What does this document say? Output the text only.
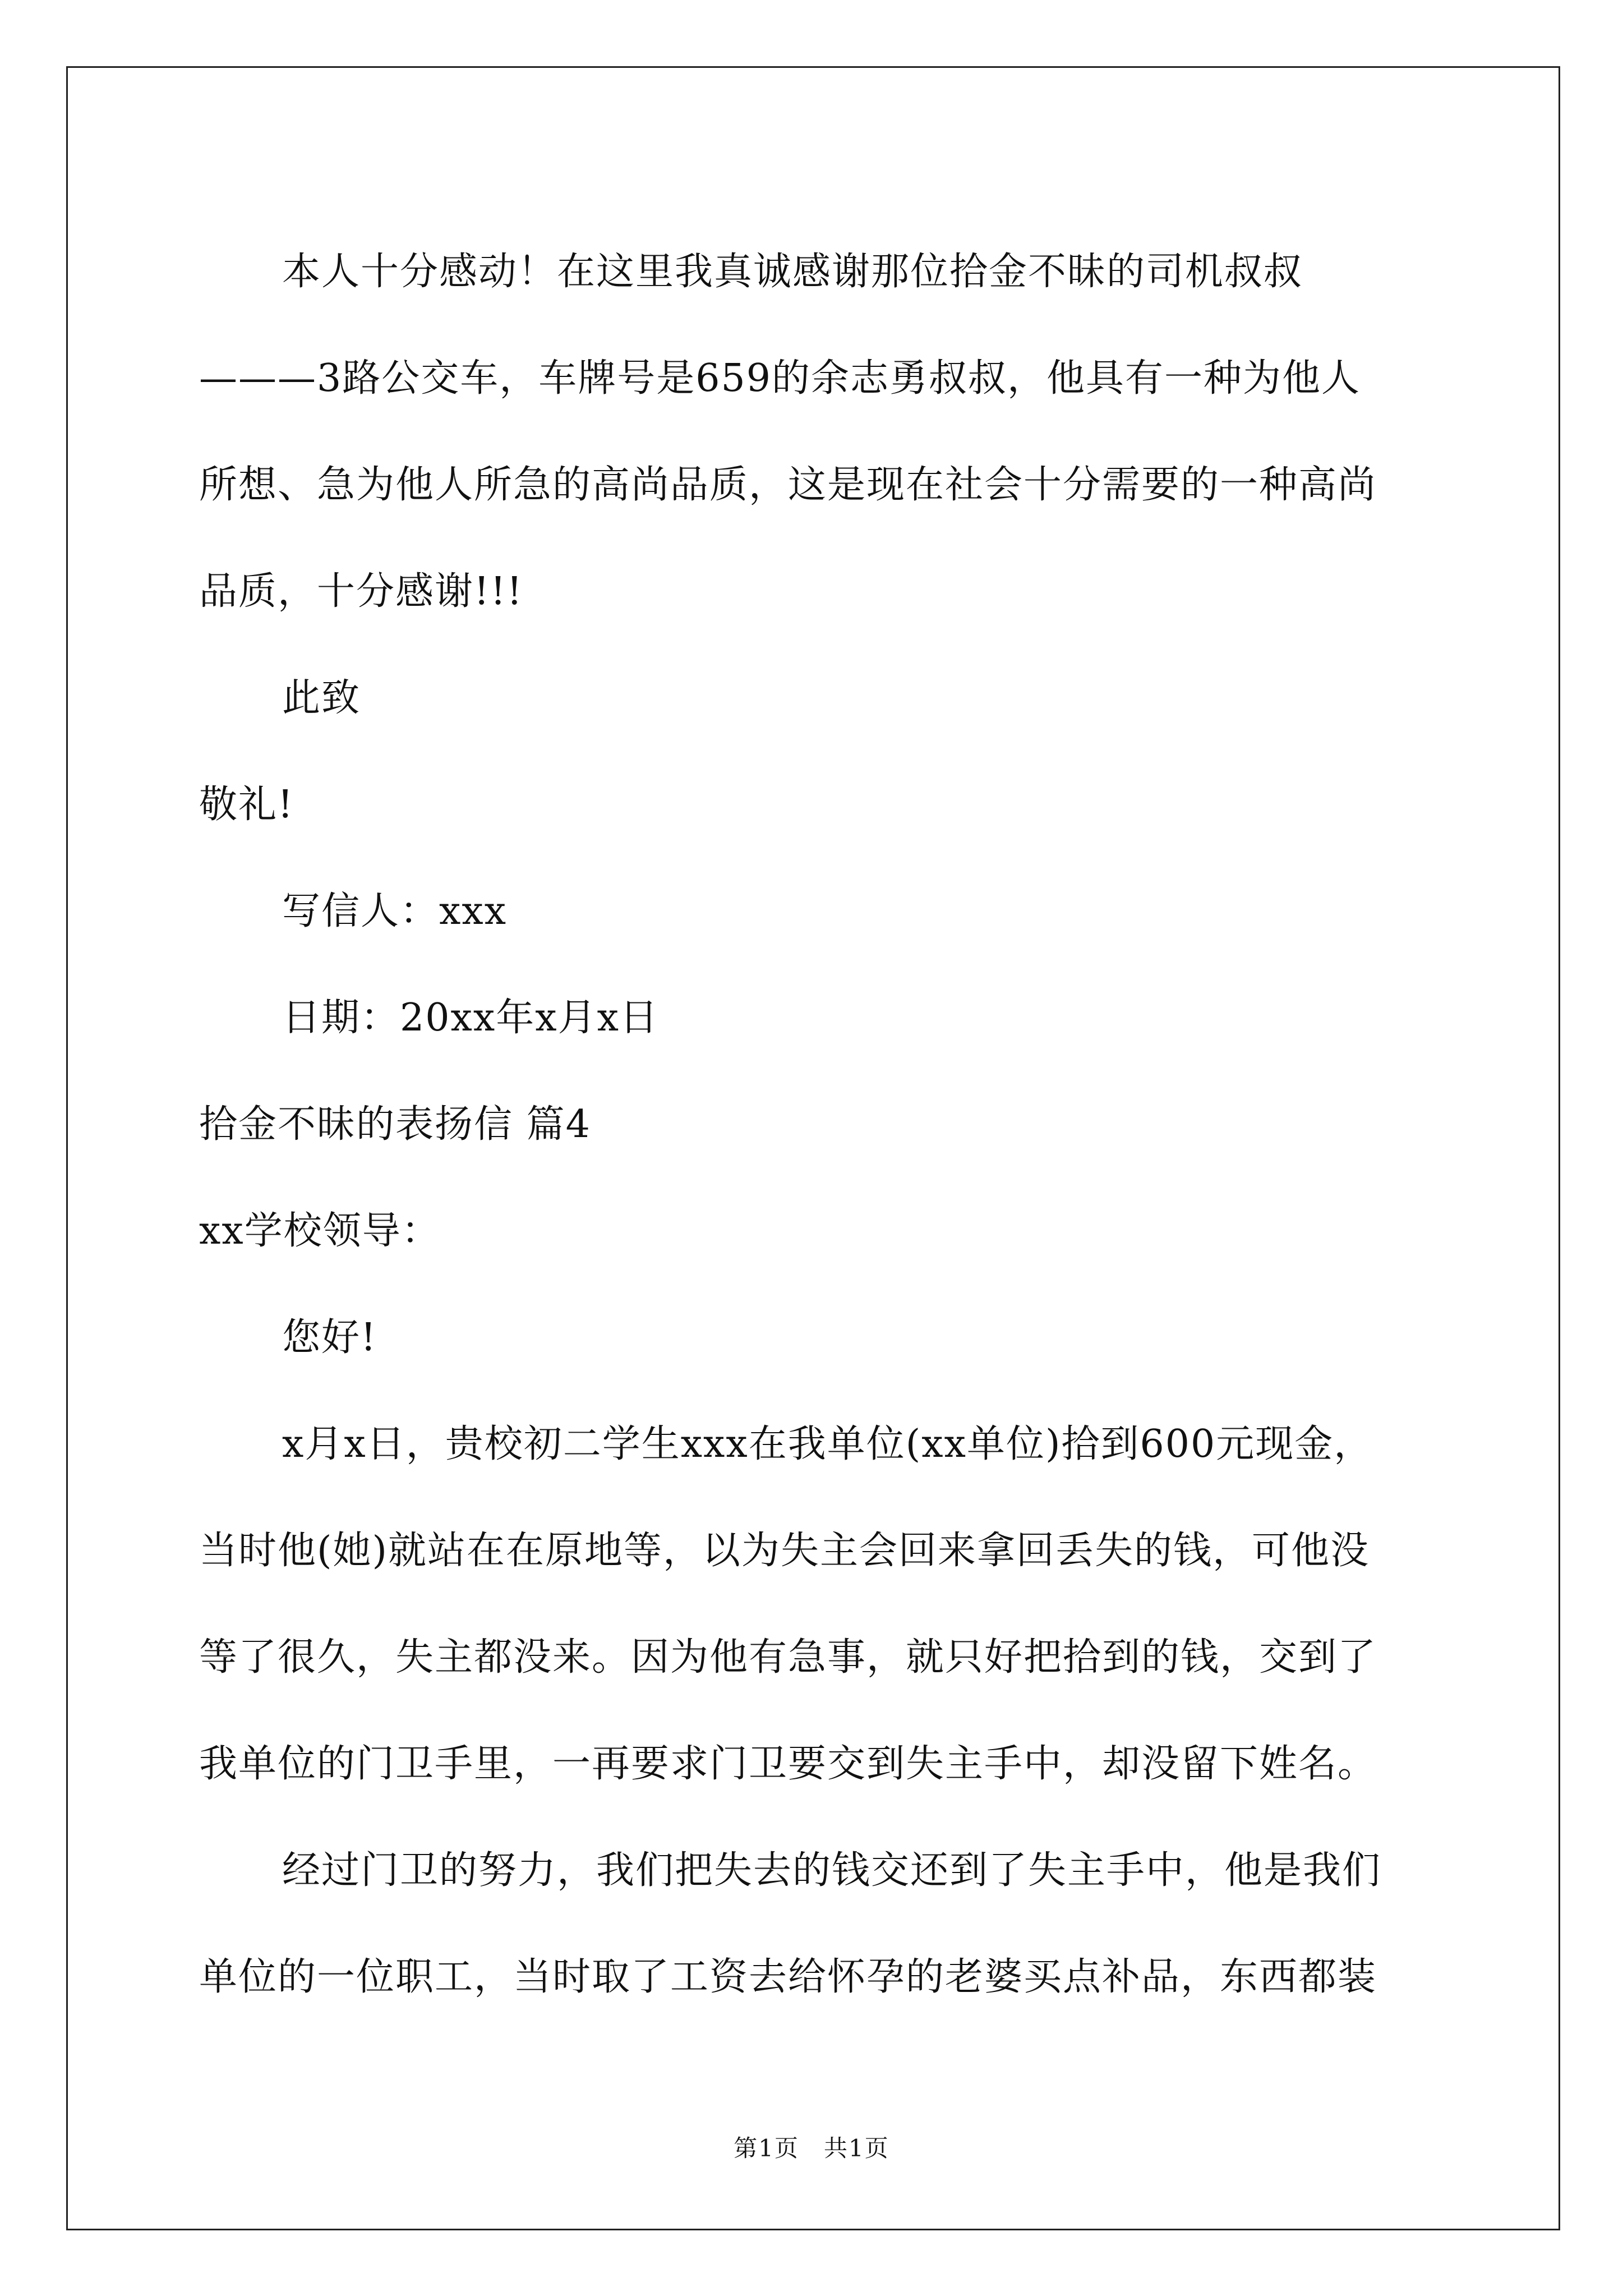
本人十分感动！在这里我真诚感谢那位拾金不昧的司机叔叔
———3路公交车，车牌号是659的余志勇叔叔，他具有一种为他人
所想、急为他人所急的高尚品质，这是现在社会十分需要的一种高尚
品质，十分感谢!!!
此致
敬礼!
写信人：xxx
日期：20xx年x月x日
拾金不昧的表扬信 篇4
xx学校领导：
您好!
x月x日，贵校初二学生xxx在我单位(xx单位)拾到600元现金，
当时他(她)就站在在原地等，以为失主会回来拿回丢失的钱，可他没
等了很久，失主都没来。因为他有急事，就只好把拾到的钱，交到了
我单位的门卫手里，一再要求门卫要交到失主手中，却没留下姓名。
经过门卫的努力，我们把失去的钱交还到了失主手中，他是我们
单位的一位职工，当时取了工资去给怀孕的老婆买点补品，东西都装
第1页　共1页
